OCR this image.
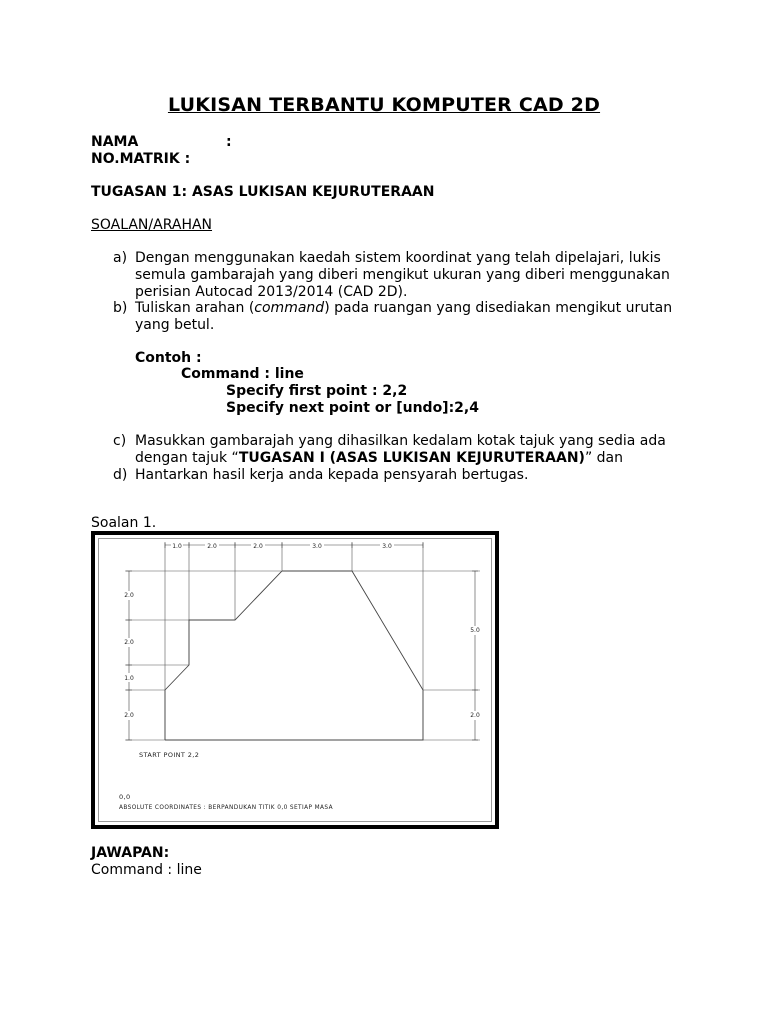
LUKISAN TERBANTU KOMPUTER CAD 2D
NAMA	:
NO.MATRIK :
TUGASAN 1: ASAS LUKISAN KEJURUTERAAN
SOALAN/ARAHAN
a) Dengan menggunakan kaedah sistem koordinat yang telah dipelajari, lukis semula gambarajah yang diberi mengikut ukuran yang diberi menggunakan perisian Autocad 2013/2014 (CAD 2D).
b) Tuliskan arahan (command) pada ruangan yang disediakan mengikut urutan yang betul.
Contoh :
Command : line
Specify first point : 2,2
Specify next point or [undo]:2,4
c) Masukkan gambarajah yang dihasilkan kedalam kotak tajuk yang sedia ada dengan tajuk “TUGASAN I (ASAS LUKISAN KEJURUTERAAN)” dan
d) Hantarkan hasil kerja anda kepada pensyarah bertugas.
Soalan 1.
1.0	2.0	2.0	3.0	3.0
2.0
2.0
1.0
2.0
5.0
2.0
START POINT 2,2
0,0
ABSOLUTE COORDINATES : BERPANDUKAN TITIK 0,0 SETIAP MASA
JAWAPAN:
Command : line
